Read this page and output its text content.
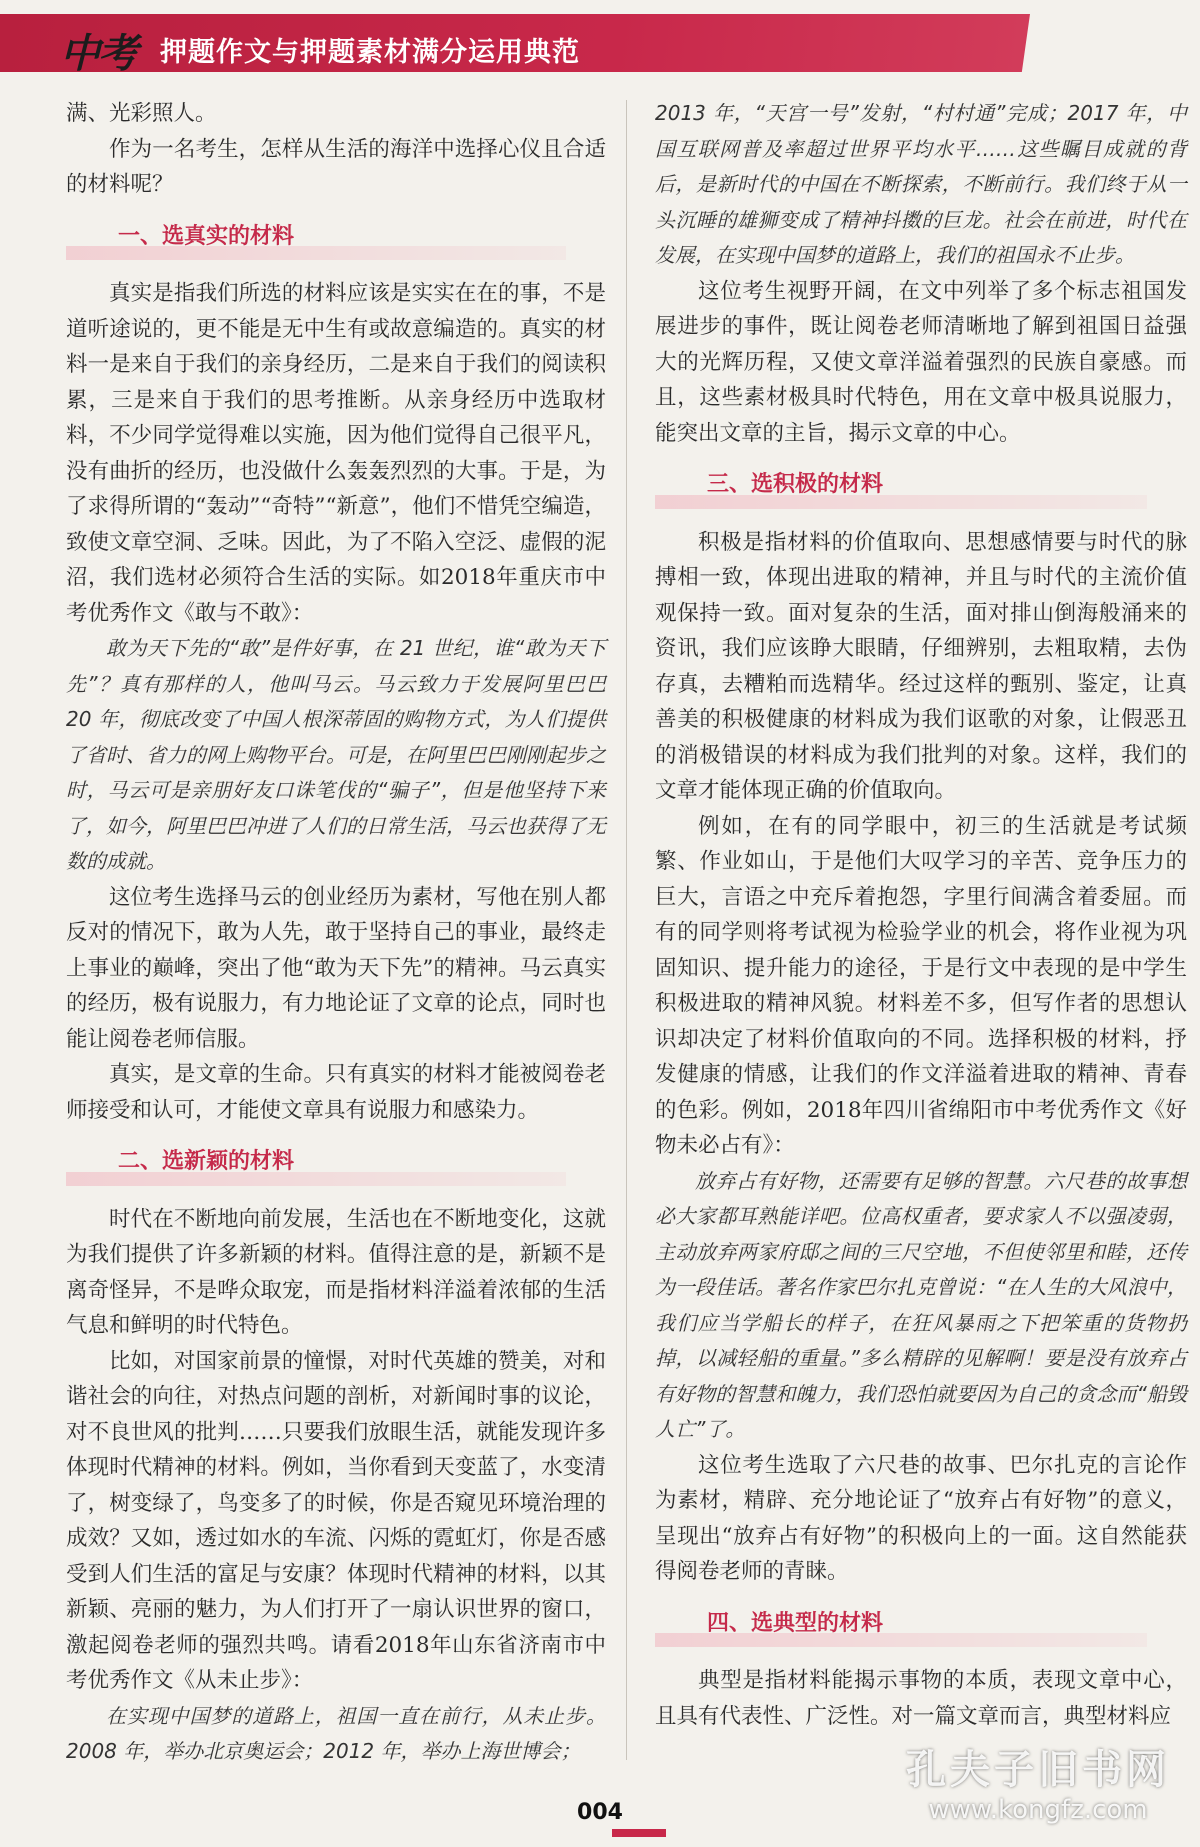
中考 押题作文与押题素材满分运用典范

满、光彩照人。

作为一名考生，怎样从生活的海洋中选择心仪且合适的材料呢？

一、选真实的材料

真实是指我们所选的材料应该是实实在在的事，不是道听途说的，更不能是无中生有或故意编造的。真实的材料一是来自于我们的亲身经历，二是来自于我们的阅读积累，三是来自于我们的思考推断。从亲身经历中选取材料，不少同学觉得难以实施，因为他们觉得自己很平凡，没有曲折的经历，也没做什么轰轰烈烈的大事。于是，为了求得所谓的“轰动”“奇特”“新意”，他们不惜凭空编造，致使文章空洞、乏味。因此，为了不陷入空泛、虚假的泥沼，我们选材必须符合生活的实际。如2018年重庆市中考优秀作文《敢与不敢》：

敢为天下先的“敢”是件好事，在 21 世纪，谁“敢为天下先”？真有那样的人，他叫马云。马云致力于发展阿里巴巴 20 年，彻底改变了中国人根深蒂固的购物方式，为人们提供了省时、省力的网上购物平台。可是，在阿里巴巴刚刚起步之时，马云可是亲朋好友口诛笔伐的“骗子”，但是他坚持下来了，如今，阿里巴巴冲进了人们的日常生活，马云也获得了无数的成就。

这位考生选择马云的创业经历为素材，写他在别人都反对的情况下，敢为人先，敢于坚持自己的事业，最终走上事业的巅峰，突出了他“敢为天下先”的精神。马云真实的经历，极有说服力，有力地论证了文章的论点，同时也能让阅卷老师信服。

真实，是文章的生命。只有真实的材料才能被阅卷老师接受和认可，才能使文章具有说服力和感染力。

二、选新颖的材料

时代在不断地向前发展，生活也在不断地变化，这就为我们提供了许多新颖的材料。值得注意的是，新颖不是离奇怪异，不是哗众取宠，而是指材料洋溢着浓郁的生活气息和鲜明的时代特色。

比如，对国家前景的憧憬，对时代英雄的赞美，对和谐社会的向往，对热点问题的剖析，对新闻时事的议论，对不良世风的批判……只要我们放眼生活，就能发现许多体现时代精神的材料。例如，当你看到天变蓝了，水变清了，树变绿了，鸟变多了的时候，你是否窥见环境治理的成效？又如，透过如水的车流、闪烁的霓虹灯，你是否感受到人们生活的富足与安康？体现时代精神的材料，以其新颖、亮丽的魅力，为人们打开了一扇认识世界的窗口，激起阅卷老师的强烈共鸣。请看2018年山东省济南市中考优秀作文《从未止步》：

在实现中国梦的道路上，祖国一直在前行，从未止步。2008 年，举办北京奥运会；2012 年，举办上海世博会；

2013 年，“天宫一号”发射，“村村通”完成；2017 年，中国互联网普及率超过世界平均水平……这些瞩目成就的背后，是新时代的中国在不断探索，不断前行。我们终于从一头沉睡的雄狮变成了精神抖擞的巨龙。社会在前进，时代在发展，在实现中国梦的道路上，我们的祖国永不止步。

这位考生视野开阔，在文中列举了多个标志祖国发展进步的事件，既让阅卷老师清晰地了解到祖国日益强大的光辉历程，又使文章洋溢着强烈的民族自豪感。而且，这些素材极具时代特色，用在文章中极具说服力，能突出文章的主旨，揭示文章的中心。

三、选积极的材料

积极是指材料的价值取向、思想感情要与时代的脉搏相一致，体现出进取的精神，并且与时代的主流价值观保持一致。面对复杂的生活，面对排山倒海般涌来的资讯，我们应该睁大眼睛，仔细辨别，去粗取精，去伪存真，去糟粕而选精华。经过这样的甄别、鉴定，让真善美的积极健康的材料成为我们讴歌的对象，让假恶丑的消极错误的材料成为我们批判的对象。这样，我们的文章才能体现正确的价值取向。

例如，在有的同学眼中，初三的生活就是考试频繁、作业如山，于是他们大叹学习的辛苦、竞争压力的巨大，言语之中充斥着抱怨，字里行间满含着委屈。而有的同学则将考试视为检验学业的机会，将作业视为巩固知识、提升能力的途径，于是行文中表现的是中学生积极进取的精神风貌。材料差不多，但写作者的思想认识却决定了材料价值取向的不同。选择积极的材料，抒发健康的情感，让我们的作文洋溢着进取的精神、青春的色彩。例如，2018年四川省绵阳市中考优秀作文《好物未必占有》：

放弃占有好物，还需要有足够的智慧。六尺巷的故事想必大家都耳熟能详吧。位高权重者，要求家人不以强凌弱，主动放弃两家府邸之间的三尺空地，不但使邻里和睦，还传为一段佳话。著名作家巴尔扎克曾说：“在人生的大风浪中，我们应当学船长的样子，在狂风暴雨之下把笨重的货物扔掉，以减轻船的重量。”多么精辟的见解啊！要是没有放弃占有好物的智慧和魄力，我们恐怕就要因为自己的贪念而“船毁人亡”了。

这位考生选取了六尺巷的故事、巴尔扎克的言论作为素材，精辟、充分地论证了“放弃占有好物”的意义，呈现出“放弃占有好物”的积极向上的一面。这自然能获得阅卷老师的青睐。

四、选典型的材料

典型是指材料能揭示事物的本质，表现文章中心，且具有代表性、广泛性。对一篇文章而言，典型材料应

孔夫子旧书网
www.kongfz.com
004
